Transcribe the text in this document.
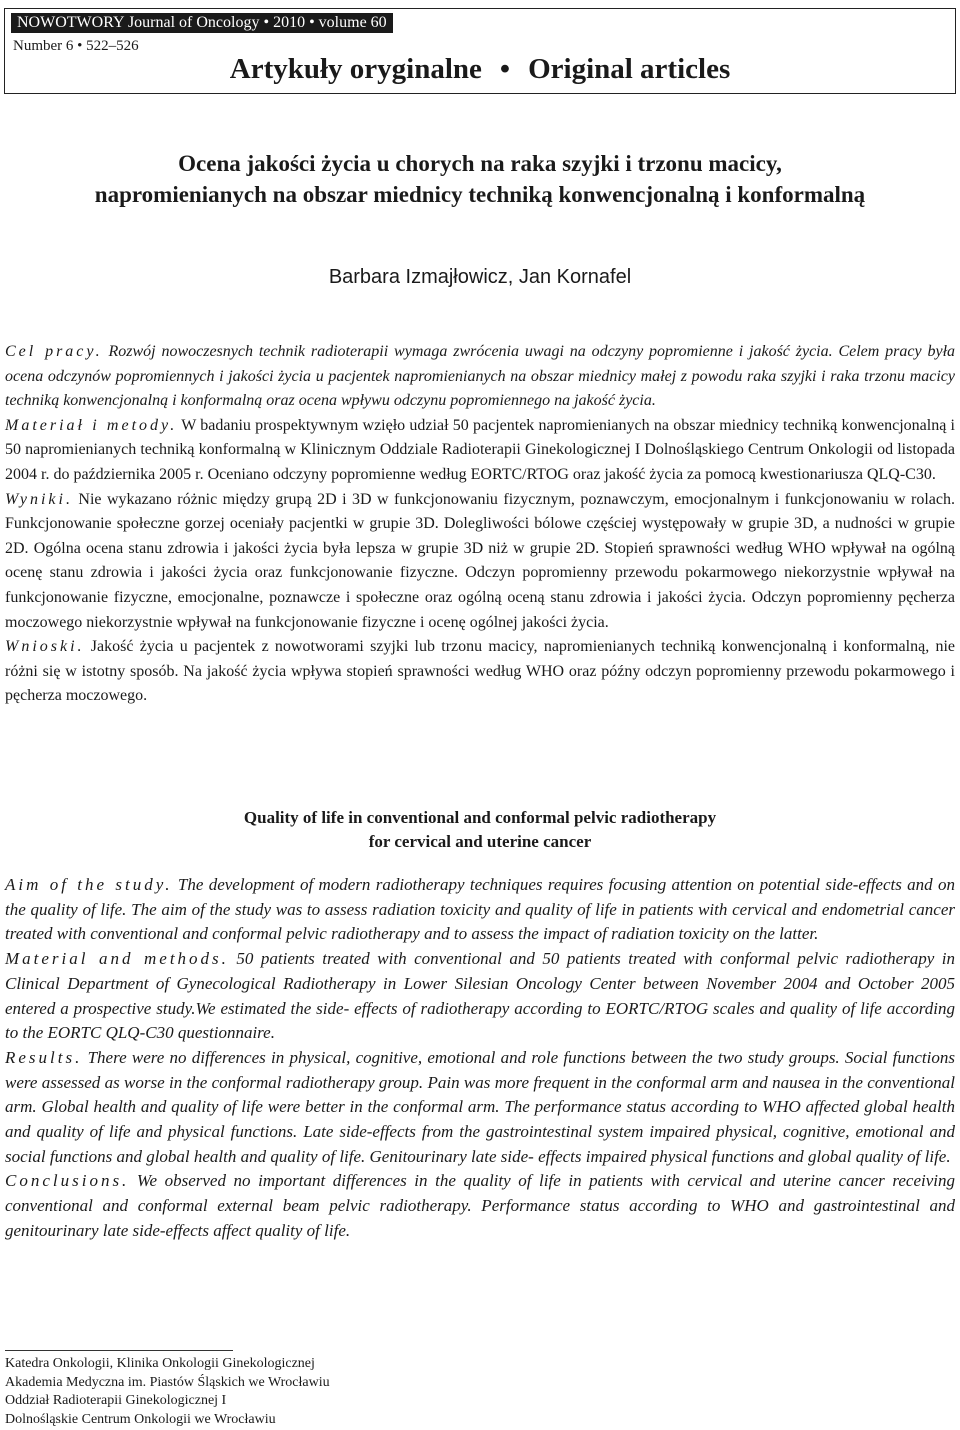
NOWOTWORY Journal of Oncology • 2010 • volume 60
Number 6 • 522–526
Artykuły oryginalne • Original articles
Ocena jakości życia u chorych na raka szyjki i trzonu macicy,
napromienianych na obszar miednicy techniką konwencjonalną i konformalną
Barbara Izmajłowicz, Jan Kornafel

Cel pracy. Rozwój nowoczesnych technik radioterapii wymaga zwrócenia uwagi na odczyny popromienne i jakość życia. Celem pracy była ocena odczynów popromiennych i jakości życia u pacjentek napromienianych na obszar miednicy małej z powodu raka szyjki i raka trzonu macicy techniką konwencjonalną i konformalną oraz ocena wpływu odczynu popromiennego na jakość życia.

Materiał i metody. W badaniu prospektywnym wzięło udział 50 pacjentek napromienianych na obszar miednicy techniką konwencjonalną i 50 napromienianych techniką konformalną w Klinicznym Oddziale Radioterapii Ginekologicznej I Dolnośląskiego Centrum Onkologii od listopada 2004 r. do października 2005 r. Oceniano odczyny popromienne według EORTC/RTOG oraz jakość życia za pomocą kwestionariusza QLQ-C30.

Wyniki. Nie wykazano różnic między grupą 2D i 3D w funkcjonowaniu fizycznym, poznawczym, emocjonalnym i funkcjonowaniu w rolach. Funkcjonowanie społeczne gorzej oceniały pacjentki w grupie 3D. Dolegliwości bólowe częściej występowały w grupie 3D, a nudności w grupie 2D. Ogólna ocena stanu zdrowia i jakości życia była lepsza w grupie 3D niż w grupie 2D. Stopień sprawności według WHO wpływał na ogólną ocenę stanu zdrowia i jakości życia oraz funkcjonowanie fizyczne. Odczyn popromienny przewodu pokarmowego niekorzystnie wpływał na funkcjonowanie fizyczne, emocjonalne, poznawcze i społeczne oraz ogólną oceną stanu zdrowia i jakości życia. Odczyn popromienny pęcherza moczowego niekorzystnie wpływał na funkcjonowanie fizyczne i ocenę ogólnej jakości życia.

Wnioski. Jakość życia u pacjentek z nowotworami szyjki lub trzonu macicy, napromienianych techniką konwencjonalną i konformalną, nie różni się w istotny sposób. Na jakość życia wpływa stopień sprawności według WHO oraz późny odczyn popromienny przewodu pokarmowego i pęcherza moczowego.

Quality of life in conventional and conformal pelvic radiotherapy
for cervical and uterine cancer

Aim of the study. The development of modern radiotherapy techniques requires focusing attention on potential side-effects and on the quality of life. The aim of the study was to assess radiation toxicity and quality of life in patients with cervical and endometrial cancer treated with conventional and conformal pelvic radiotherapy and to assess the impact of radiation toxicity on the latter.

Material and methods. 50 patients treated with conventional and 50 patients treated with conformal pelvic radiotherapy in Clinical Department of Gynecological Radiotherapy in Lower Silesian Oncology Center between November 2004 and October 2005 entered a prospective study.We estimated the side- effects of radiotherapy according to EORTC/RTOG scales and quality of life according to the EORTC QLQ-C30 questionnaire.

Results. There were no differences in physical, cognitive, emotional and role functions between the two study groups. Social functions were assessed as worse in the conformal radiotherapy group. Pain was more frequent in the conformal arm and nausea in the conventional arm. Global health and quality of life were better in the conformal arm. The performance status according to WHO affected global health and quality of life and physical functions. Late side-effects from the gastrointestinal system impaired physical, cognitive, emotional and social functions and global health and quality of life. Genitourinary late side- effects impaired physical functions and global quality of life.

Conclusions. We observed no important differences in the quality of life in patients with cervical and uterine cancer receiving conventional and conformal external beam pelvic radiotherapy. Performance status according to WHO and gastrointestinal and genitourinary late side-effects affect quality of life.

Katedra Onkologii, Klinika Onkologii Ginekologicznej
Akademia Medyczna im. Piastów Śląskich we Wrocławiu
Oddział Radioterapii Ginekologicznej I
Dolnośląskie Centrum Onkologii we Wrocławiu
